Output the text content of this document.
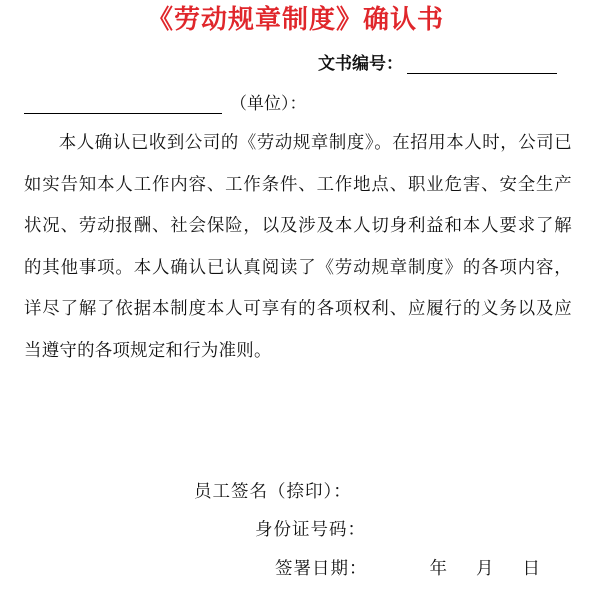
《劳动规章制度》确认书
文书编号：
（单位）：
本人确认已收到公司的《劳动规章制度》。在招用本人时，公司已如实告知本人工作内容、工作条件、工作地点、职业危害、安全生产状况、劳动报酬、社会保险，以及涉及本人切身利益和本人要求了解的其他事项。本人确认已认真阅读了《劳动规章制度》的各项内容，详尽了解了依据本制度本人可享有的各项权利、应履行的义务以及应当遵守的各项规定和行为准则。
员工签名（捺印）：
身份证号码：
签署日期：	年 月 日
